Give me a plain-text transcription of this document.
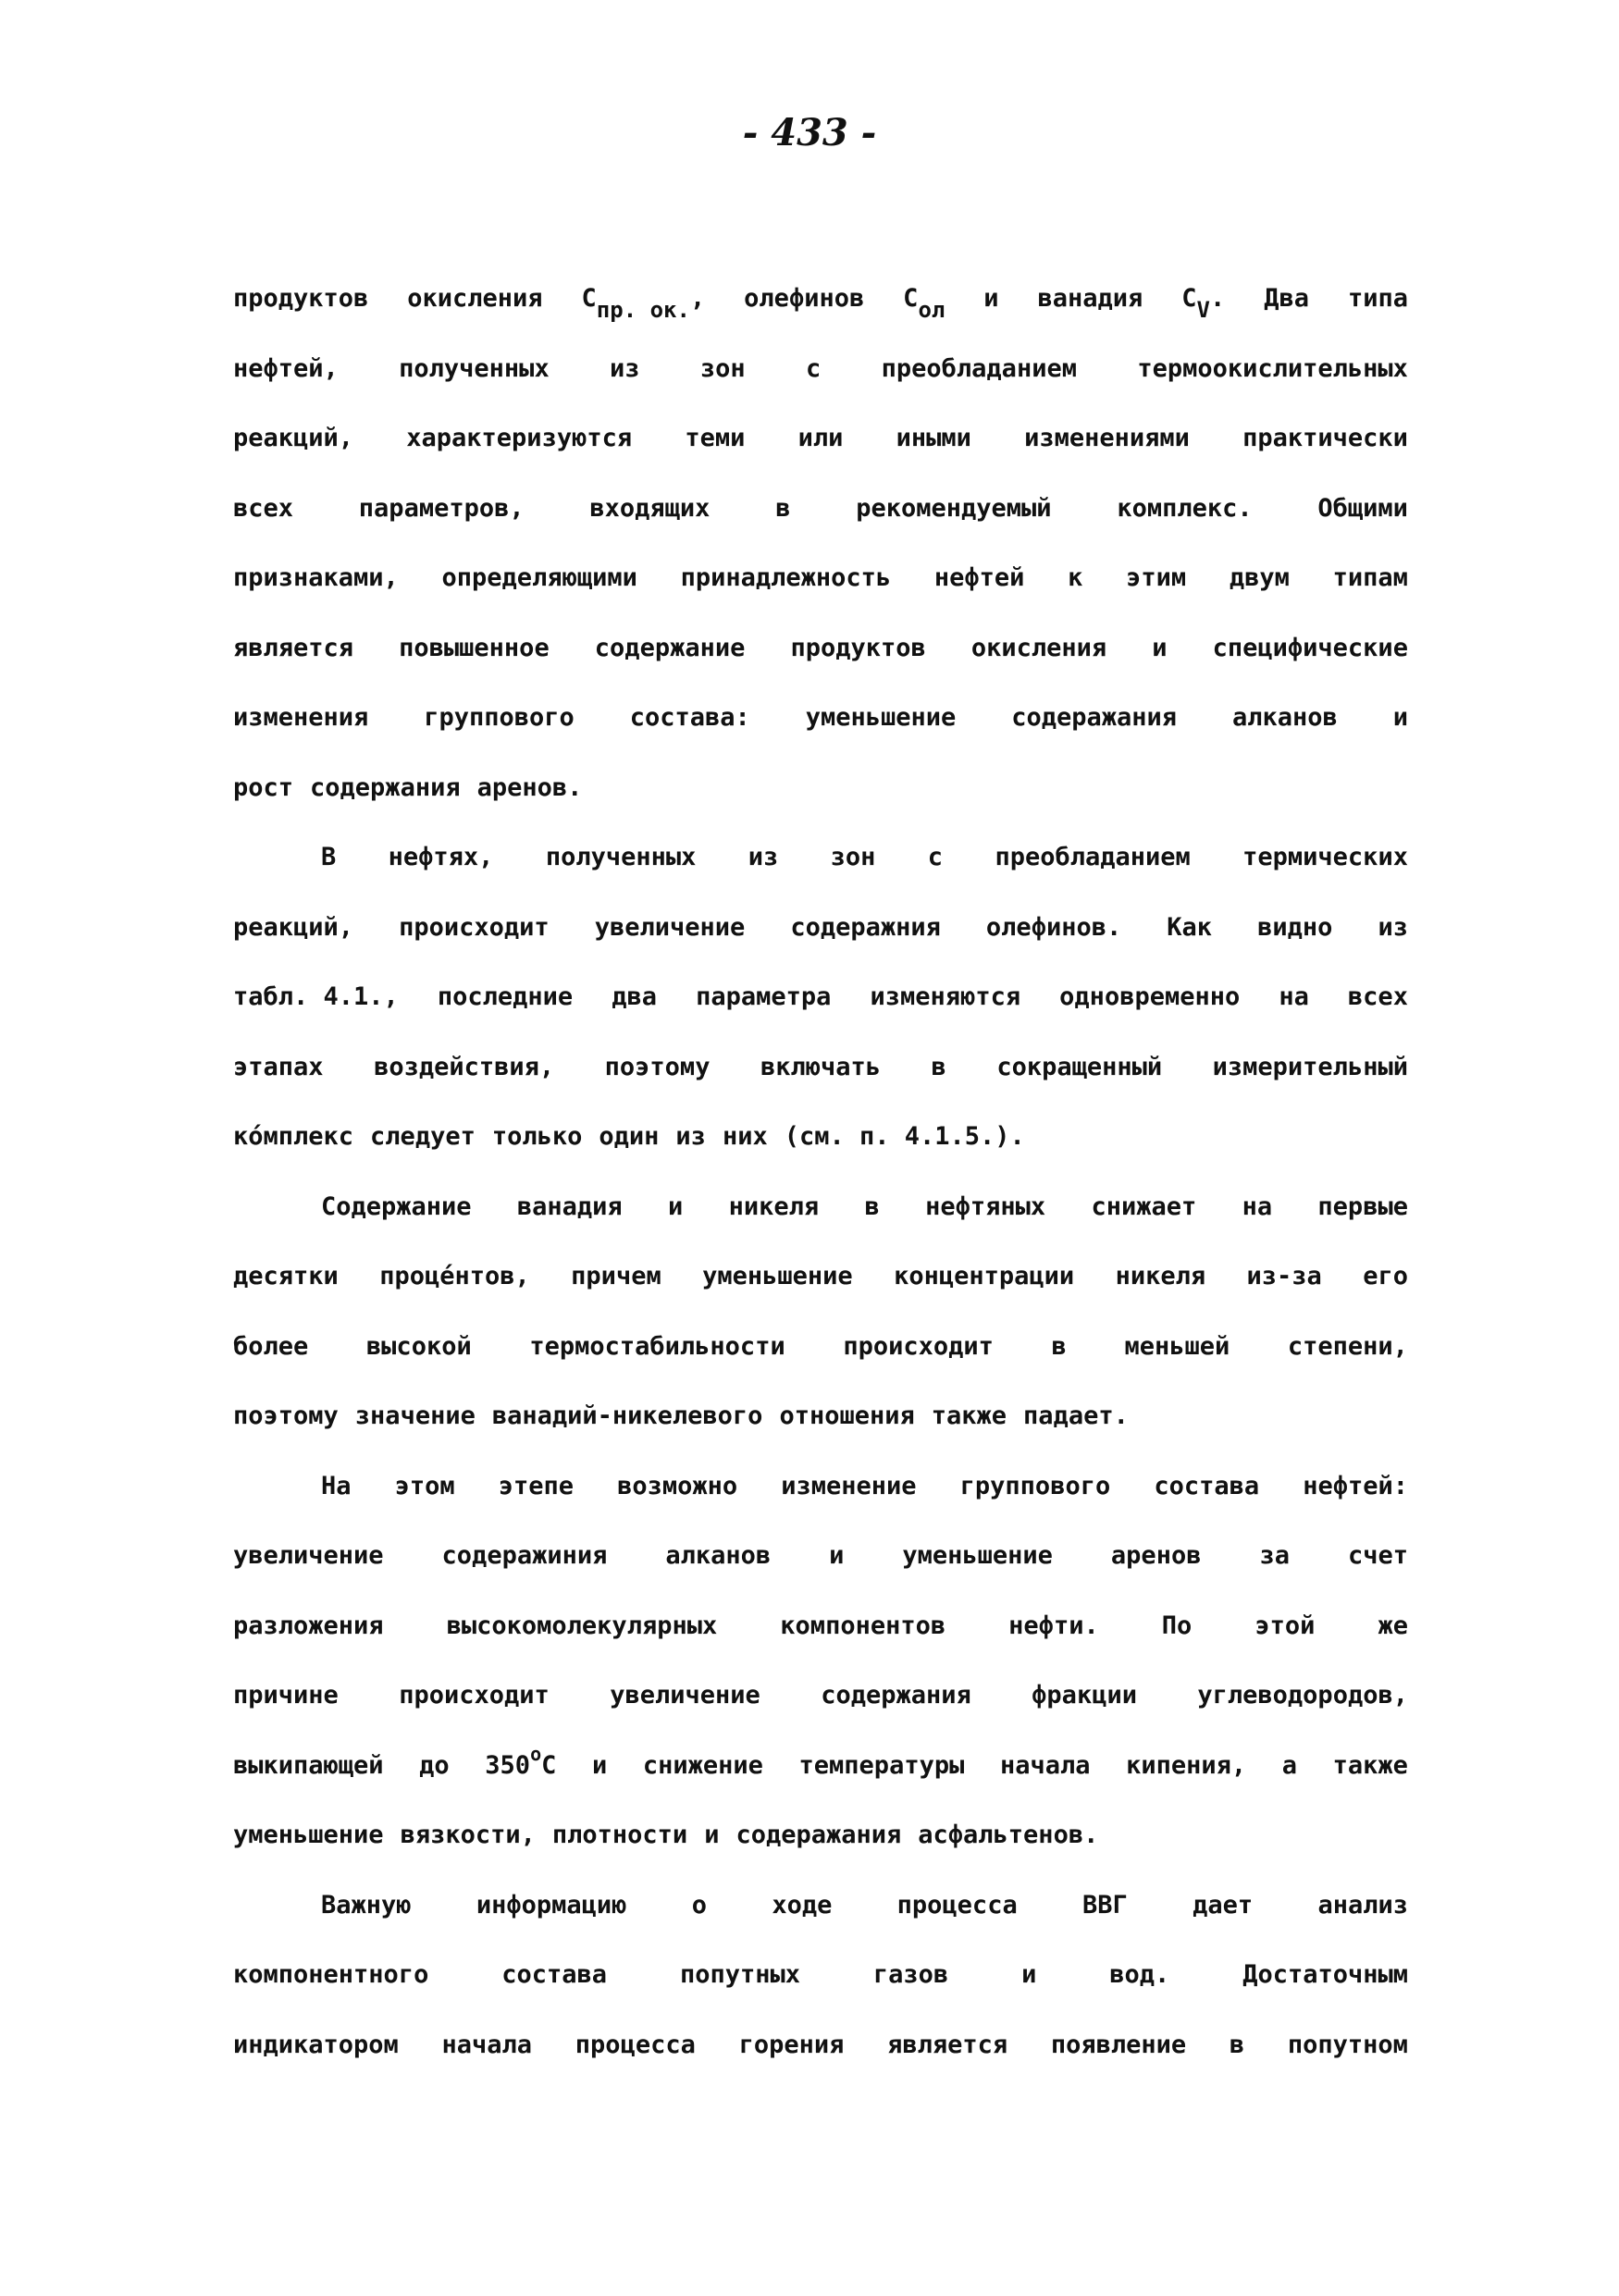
- 433 -
продуктов окисления Cпр. ок., олефинов Cол и ванадия CV. Два типа
нефтей, полученных из зон с преобладанием термоокислительных
реакций, характеризуются теми или иными изменениями практически
всех	параметров,	входящих	в	рекомендуемый	комплекс.	Общими
признаками, определяющими принадлежность нефтей к этим двум типам
является повышенное содержание продуктов окисления и специфические
изменения группового состава: уменьшение содеражания алканов и
рост содержания аренов.
В нефтях, полученных из зон с преобладанием термических
реакций, происходит увеличение содеражния олефинов. Как видно из
табл. 4.1., последние два параметра изменяются одновременно на всех
этапах воздействия, поэтому включать в сокращенный измерительный
ко́мплекс следует только один из них (см. п. 4.1.5.).
Содержание ванадия и никеля в нефтяных снижает на первые
десятки проце́нтов, причем уменьшение концентрации никеля из-за его
более высокой термостабильности происходит в меньшей степени,
поэтому значение ванадий-никелевого отношения также падает.
На этом этепе возможно изменение группового состава нефтей:
увеличение содеражиния алканов и уменьшение аренов за счет
разложения	высокомолекулярных	компонентов	нефти.	По	этой	же
причине происходит увеличение содержания фракции углеводородов,
выкипающей до 350$^o$С и снижение температуры начала кипения, а также
уменьшение вязкости, плотности и содеражания асфальтенов.
Важную	информацию	о	ходе	процесса	ВВГ	дает	анализ
компонентного	состава	попутных	газов	и	вод.	Достаточным
индикатором начала процесса горения является появление в попутном
